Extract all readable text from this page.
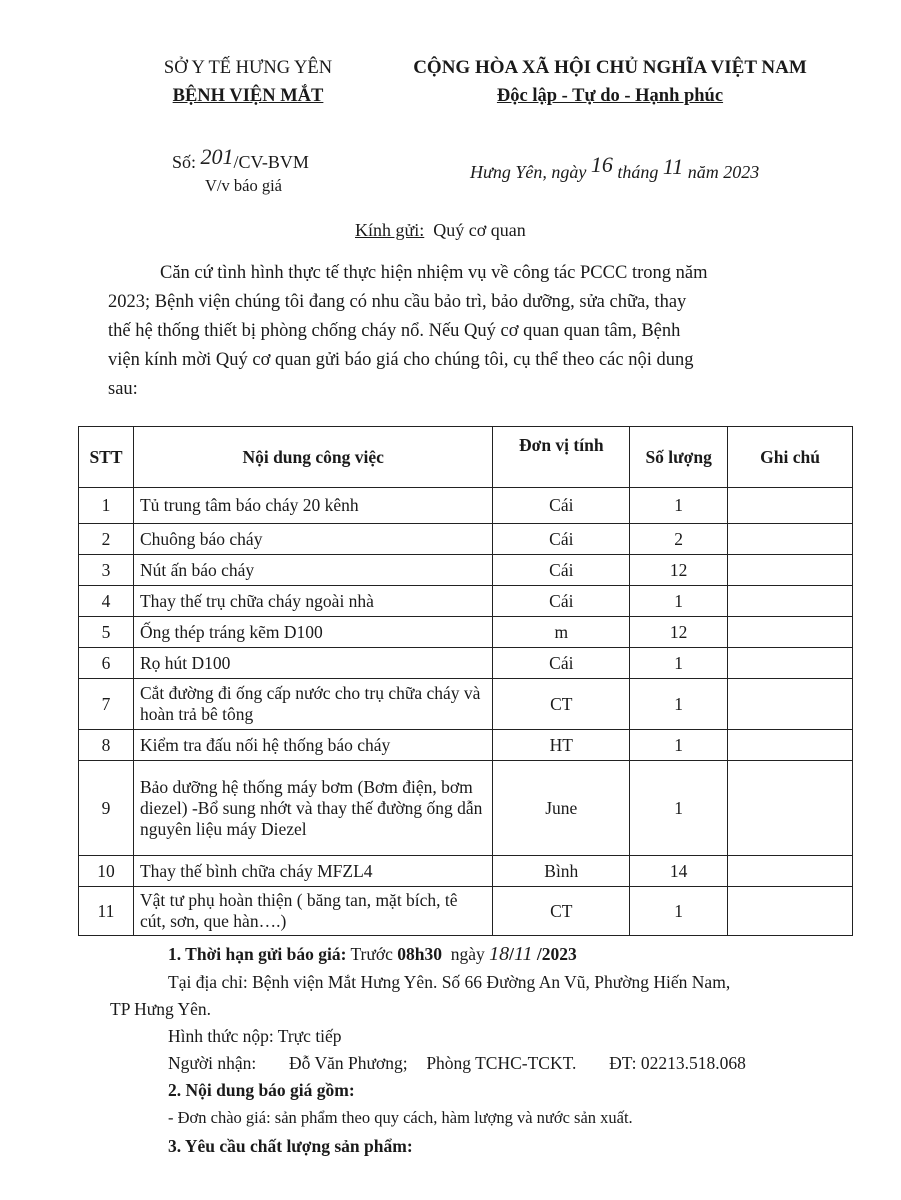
SỞ Y TẾ HƯNG YÊN
BỆNH VIỆN MẮT
CỘNG HÒA XÃ HỘI CHỦ NGHĨA VIỆT NAM
Độc lập - Tự do - Hạnh phúc
Số: 201/CV-BVM
V/v báo giá
Hưng Yên, ngày 16 tháng 11 năm 2023
Kính gửi: Quý cơ quan
Căn cứ tình hình thực tế thực hiện nhiệm vụ về công tác PCCC trong năm
2023; Bệnh viện chúng tôi đang có nhu cầu bảo trì, bảo dưỡng, sửa chữa, thay
thế hệ thống thiết bị phòng chống cháy nổ. Nếu Quý cơ quan quan tâm, Bệnh
viện kính mời Quý cơ quan gửi báo giá cho chúng tôi, cụ thể theo các nội dung
sau:
STT	Nội dung công việc	Đơn vị tính	Số lượng	Ghi chú
1	Tủ trung tâm báo cháy 20 kênh	Cái	1	
2	Chuông báo cháy	Cái	2	
3	Nút ấn báo cháy	Cái	12	
4	Thay thế trụ chữa cháy ngoài nhà	Cái	1	
5	Ống thép tráng kẽm D100	m	12	
6	Rọ hút D100	Cái	1	
7	Cắt đường đi ống cấp nước cho trụ chữa cháy và hoàn trả bê tông	CT	1	
8	Kiểm tra đấu nối hệ thống báo cháy	HT	1	
9	Bảo dưỡng hệ thống máy bơm (Bơm điện, bơm diezel) -Bổ sung nhớt và thay thế đường ống dẫn nguyên liệu máy Diezel	June	1	
10	Thay thế bình chữa cháy MFZL4	Bình	14	
11	Vật tư phụ hoàn thiện ( băng tan, mặt bích, tê cút, sơn, que hàn….)	CT	1	
1. Thời hạn gửi báo giá: Trước 08h30 ngày 18/11 /2023
Tại địa chỉ: Bệnh viện Mắt Hưng Yên. Số 66 Đường An Vũ, Phường Hiến Nam,
TP Hưng Yên.
Hình thức nộp: Trực tiếp
Người nhận: Đỗ Văn Phương; Phòng TCHC-TCKT. ĐT: 02213.518.068
2. Nội dung báo giá gồm:
- Đơn chào giá: sản phẩm theo quy cách, hàm lượng và nước sản xuất.
3. Yêu cầu chất lượng sản phẩm:
